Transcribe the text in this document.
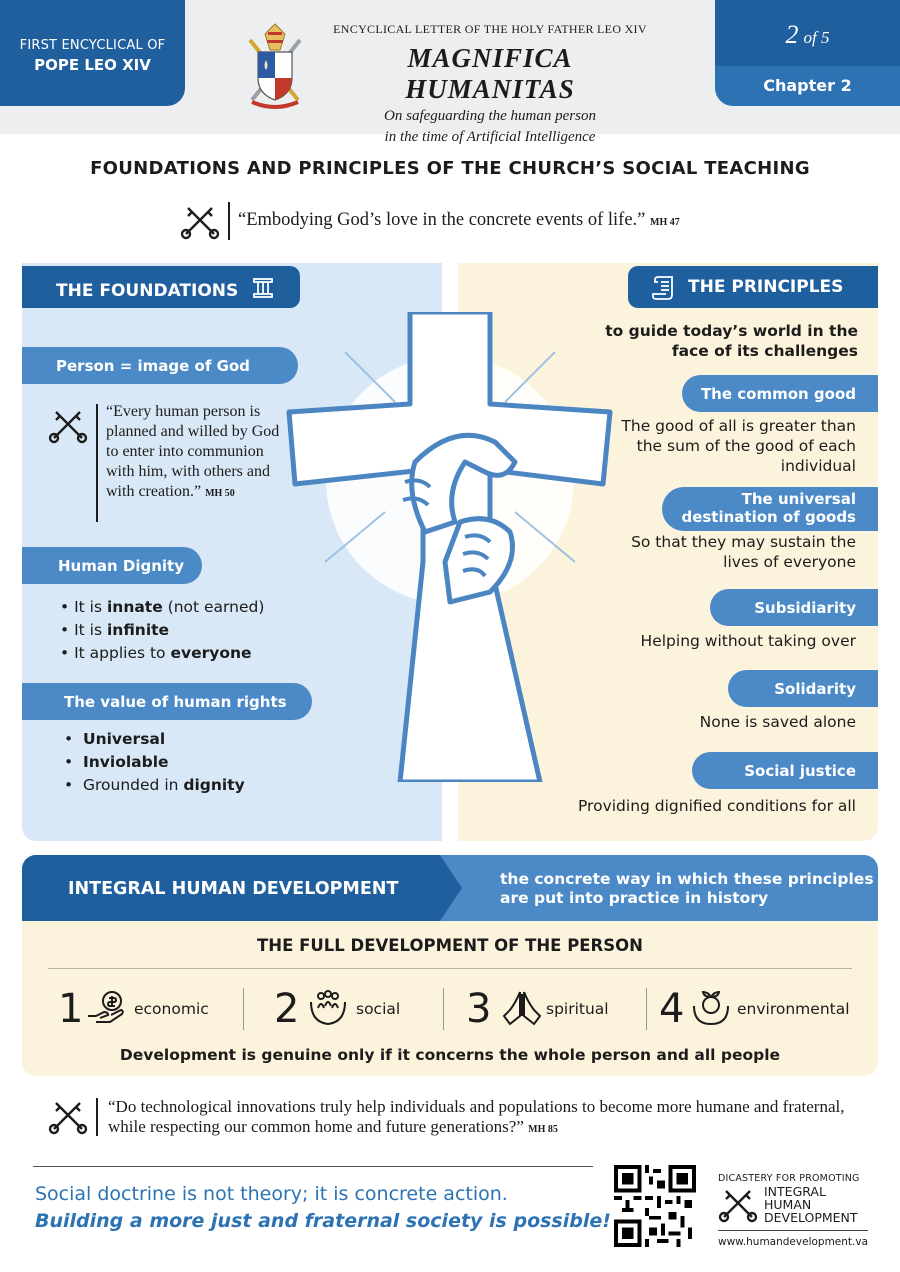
FIRST ENCYCLICAL OF
POPE LEO XIV
ENCYCLICAL LETTER OF THE HOLY FATHER LEO XIV
MAGNIFICA HUMANITAS
On safeguarding the human person
in the time of Artificial Intelligence
2 of 5
Chapter 2
FOUNDATIONS AND PRINCIPLES OF THE CHURCH’S SOCIAL TEACHING
“Embodying God’s love in the concrete events of life.” MH 47
THE FOUNDATIONS
Person = image of God
“Every human person is planned and willed by God to enter into communion with him, with others and with creation.” MH 50
Human Dignity
• It is innate (not earned)
• It is infinite
• It applies to everyone
The value of human rights
•  Universal
•  Inviolable
•  Grounded in dignity
THE PRINCIPLES
to guide today’s world in the face of its challenges
The common good
The good of all is greater than the sum of the good of each individual
The universal
destination of goods
So that they may sustain the lives of everyone
Subsidiarity
Helping without taking over
Solidarity
None is saved alone
Social justice
Providing dignified conditions for all
INTEGRAL HUMAN DEVELOPMENT	the concrete way in which these principles
are put into practice in history
THE FULL DEVELOPMENT OF THE PERSON
1	economic 2	social 3	spiritual 4	environmental
Development is genuine only if it concerns the whole person and all people
“Do technological innovations truly help individuals and populations to become more humane and fraternal, while respecting our common home and future generations?” MH 85
Social doctrine is not theory; it is concrete action.
Building a more just and fraternal society is possible!
DICASTERY FOR PROMOTING
INTEGRAL
HUMAN
DEVELOPMENT
www.humandevelopment.va
